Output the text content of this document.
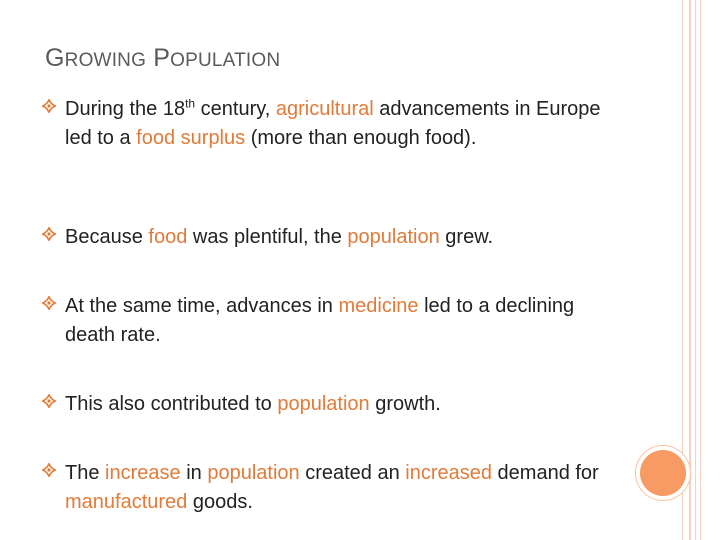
GROWING POPULATION
During the 18th century, agricultural advancements in Europe led to a food surplus (more than enough food).
Because food was plentiful, the population grew.
At the same time, advances in medicine led to a declining death rate.
This also contributed to population growth.
The increase in population created an increased demand for manufactured goods.
